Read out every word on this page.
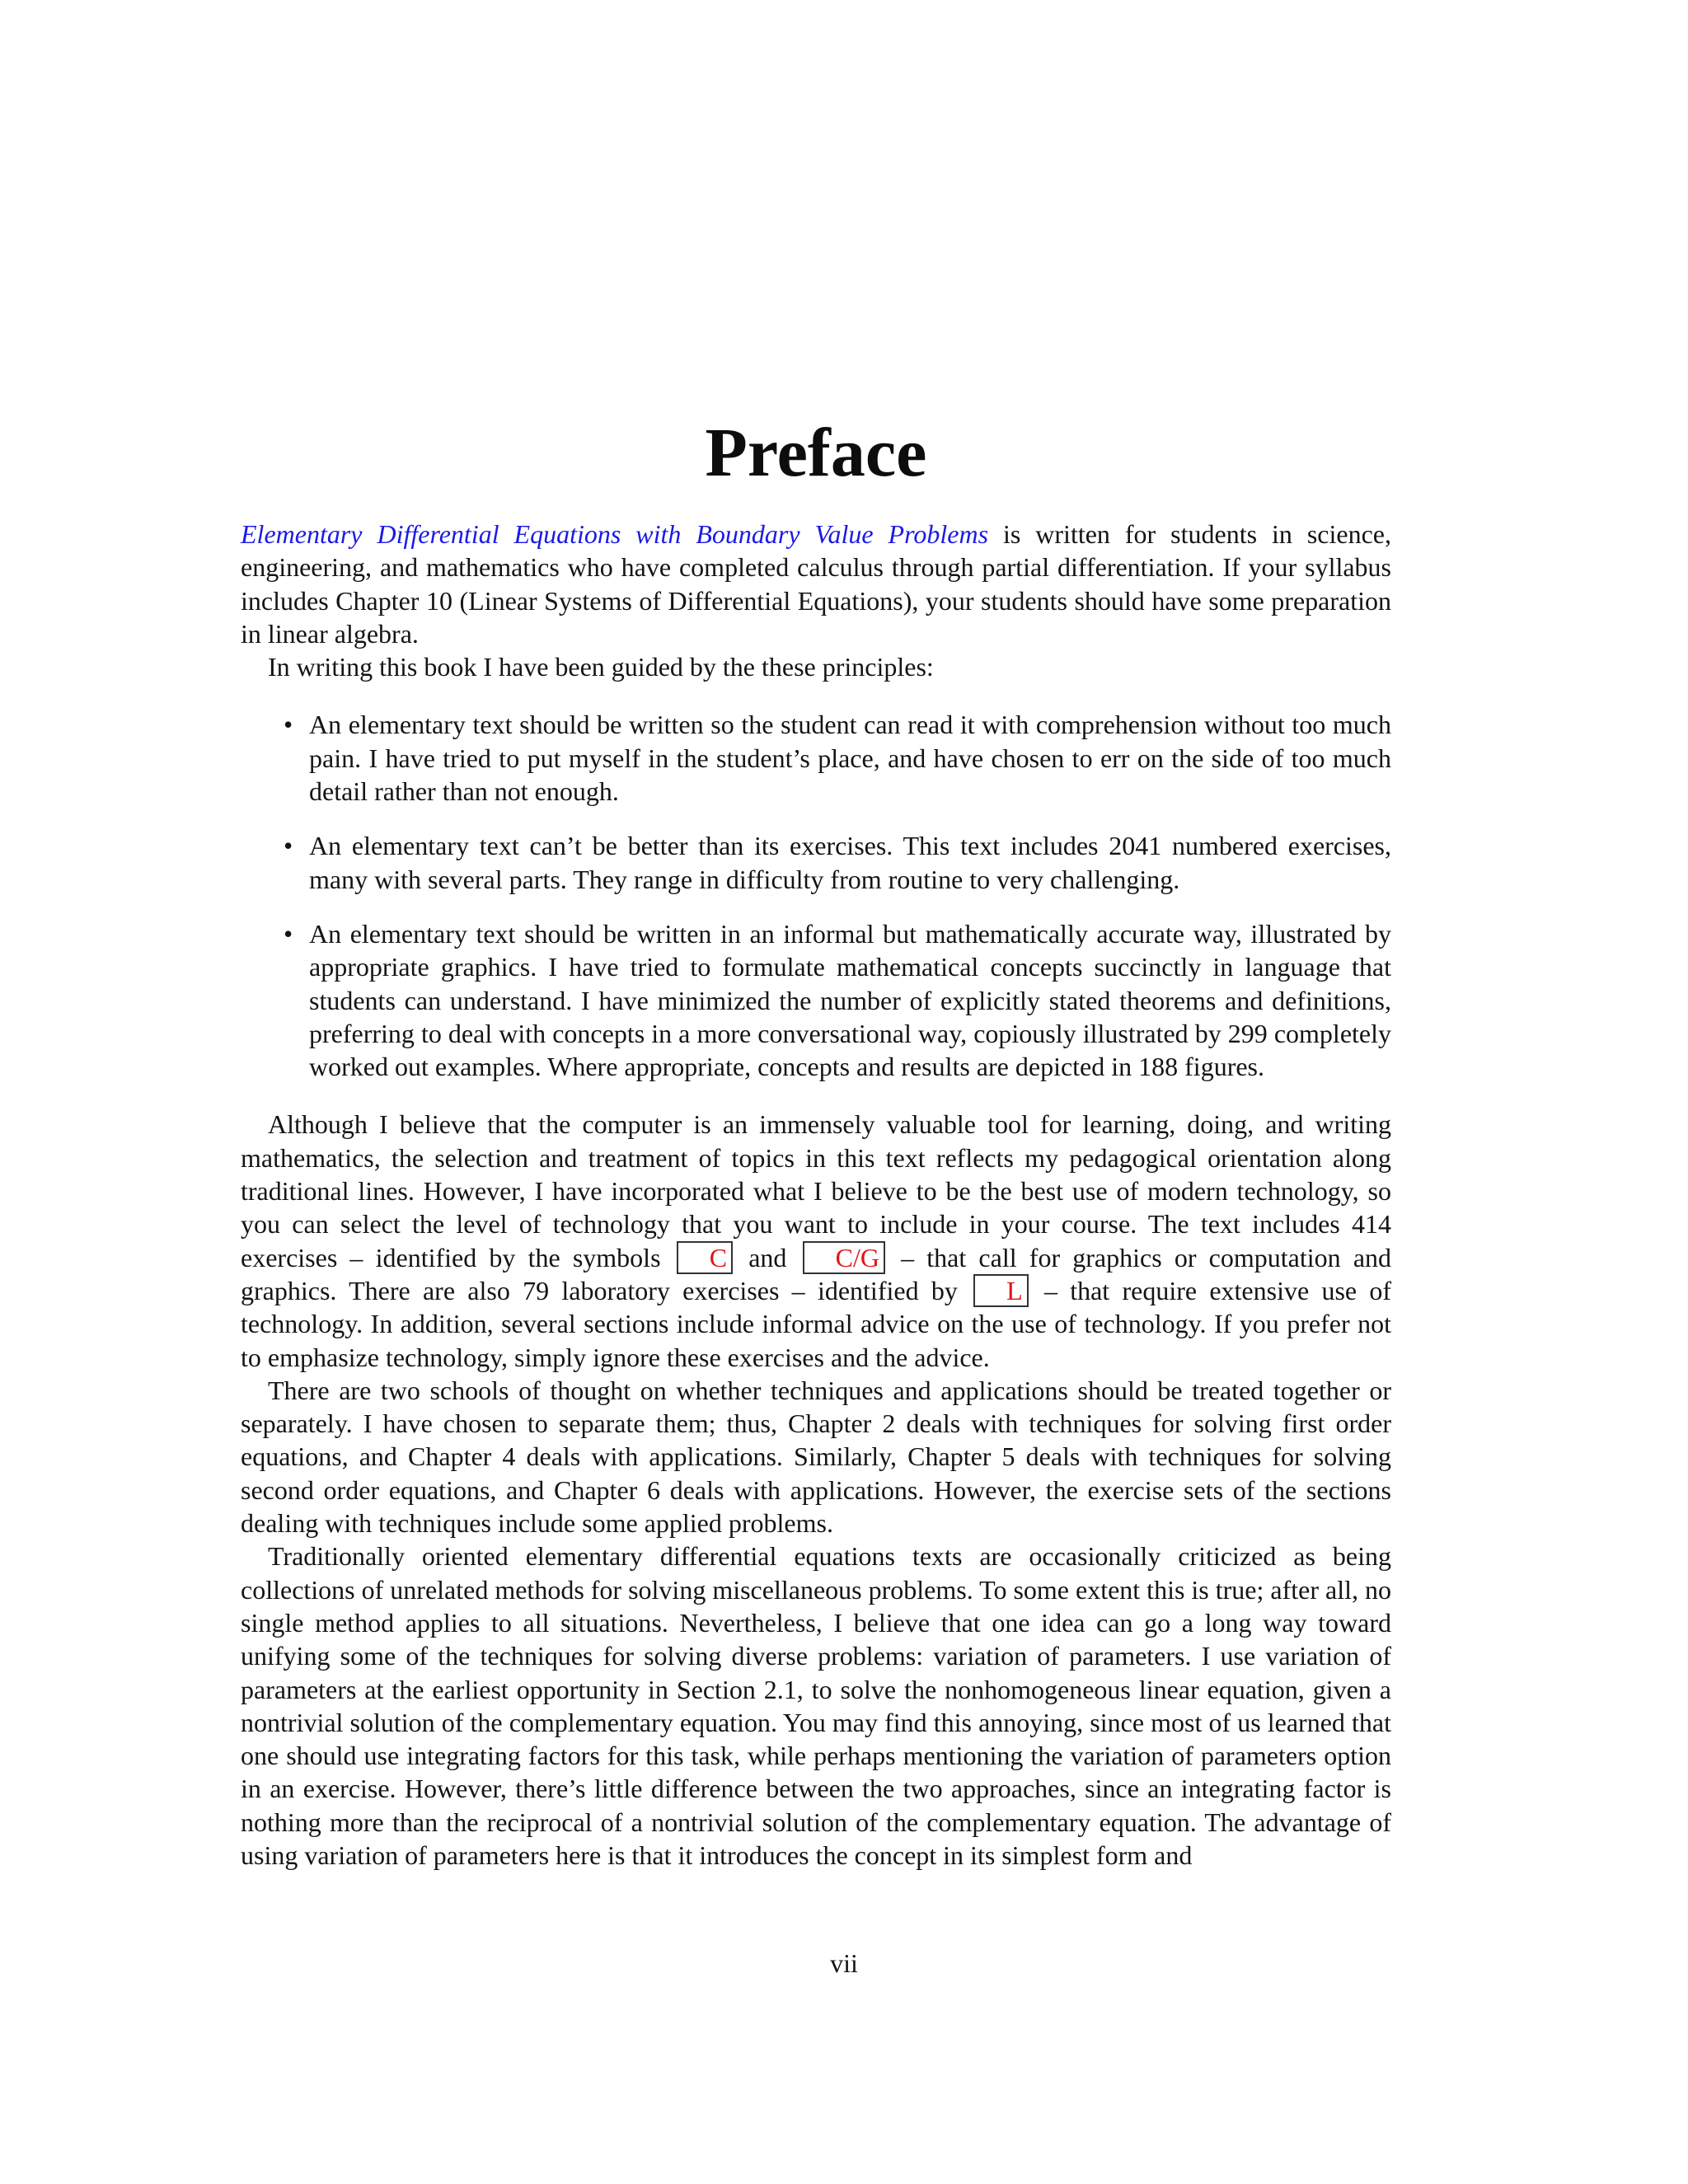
Preface

Elementary Differential Equations with Boundary Value Problems is written for students in science, engineering, and mathematics who have completed calculus through partial differentiation. If your syllabus includes Chapter 10 (Linear Systems of Differential Equations), your students should have some preparation in linear algebra.

In writing this book I have been guided by the these principles:

• An elementary text should be written so the student can read it with comprehension without too much pain. I have tried to put myself in the student’s place, and have chosen to err on the side of too much detail rather than not enough.
• An elementary text can’t be better than its exercises. This text includes 2041 numbered exercises, many with several parts. They range in difficulty from routine to very challenging.
• An elementary text should be written in an informal but mathematically accurate way, illustrated by appropriate graphics. I have tried to formulate mathematical concepts succinctly in language that students can understand. I have minimized the number of explicitly stated theorems and definitions, preferring to deal with concepts in a more conversational way, copiously illustrated by 299 completely worked out examples. Where appropriate, concepts and results are depicted in 188 figures.

Although I believe that the computer is an immensely valuable tool for learning, doing, and writing mathematics, the selection and treatment of topics in this text reflects my pedagogical orientation along traditional lines. However, I have incorporated what I believe to be the best use of modern technology, so you can select the level of technology that you want to include in your course. The text includes 414 exercises – identified by the symbols C and C/G – that call for graphics or computation and graphics. There are also 79 laboratory exercises – identified by L – that require extensive use of technology. In addition, several sections include informal advice on the use of technology. If you prefer not to emphasize technology, simply ignore these exercises and the advice.

There are two schools of thought on whether techniques and applications should be treated together or separately. I have chosen to separate them; thus, Chapter 2 deals with techniques for solving first order equations, and Chapter 4 deals with applications. Similarly, Chapter 5 deals with techniques for solving second order equations, and Chapter 6 deals with applications. However, the exercise sets of the sections dealing with techniques include some applied problems.

Traditionally oriented elementary differential equations texts are occasionally criticized as being collections of unrelated methods for solving miscellaneous problems. To some extent this is true; after all, no single method applies to all situations. Nevertheless, I believe that one idea can go a long way toward unifying some of the techniques for solving diverse problems: variation of parameters. I use variation of parameters at the earliest opportunity in Section 2.1, to solve the nonhomogeneous linear equation, given a nontrivial solution of the complementary equation. You may find this annoying, since most of us learned that one should use integrating factors for this task, while perhaps mentioning the variation of parameters option in an exercise. However, there’s little difference between the two approaches, since an integrating factor is nothing more than the reciprocal of a nontrivial solution of the complementary equation. The advantage of using variation of parameters here is that it introduces the concept in its simplest form and

vii
